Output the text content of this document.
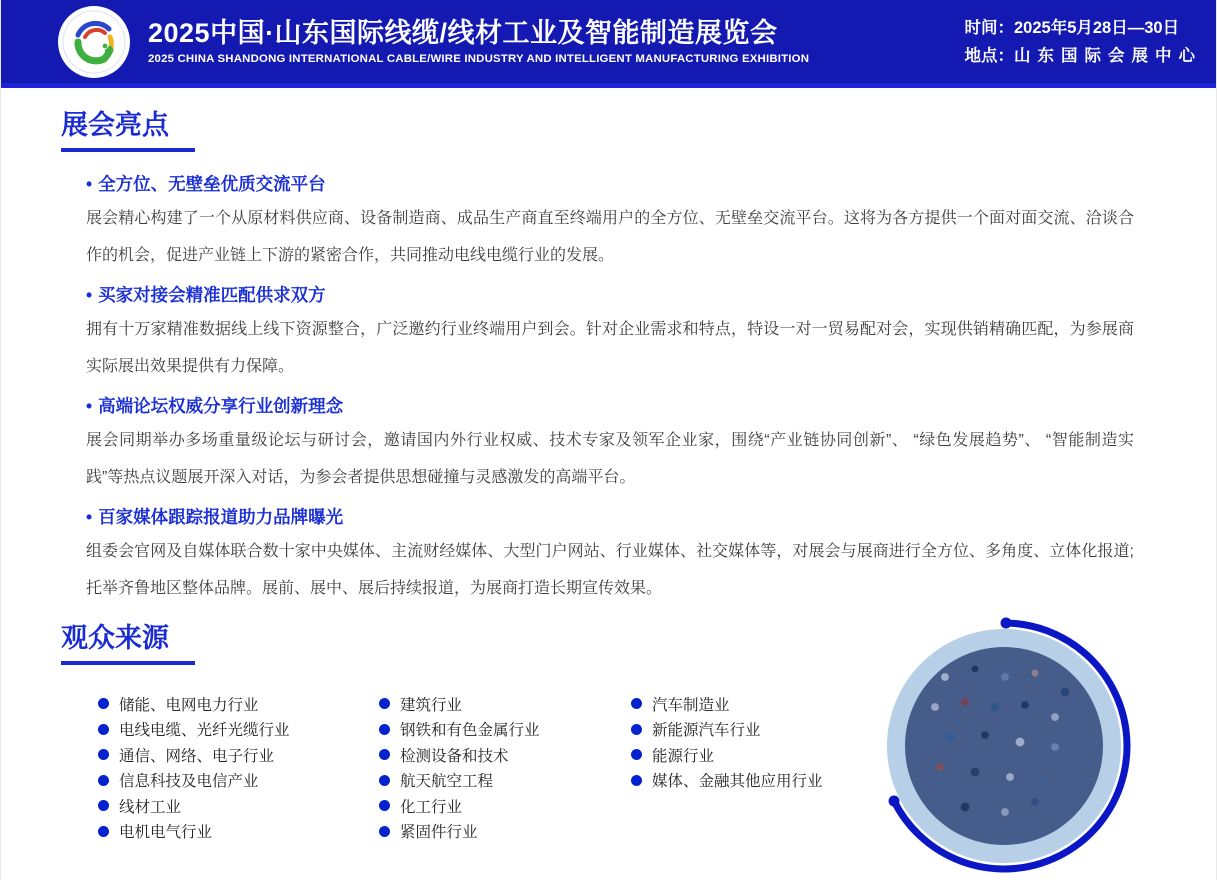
2025中国·山东国际线缆/线材工业及智能制造展览会
2025 CHINA SHANDONG INTERNATIONAL CABLE/WIRE INDUSTRY AND INTELLIGENT MANUFACTURING EXHIBITION
时间：2025年5月28日—30日
地点：山东国际会展中心
展会亮点
• 全方位、无壁垒优质交流平台

展会精心构建了一个从原材料供应商、设备制造商、成品生产商直至终端用户的全方位、无壁垒交流平台。这将为各方提供一个面对面交流、洽谈合作的机会，促进产业链上下游的紧密合作，共同推动电线电缆行业的发展。

• 买家对接会精准匹配供求双方

拥有十万家精准数据线上线下资源整合，广泛邀约行业终端用户到会。针对企业需求和特点，特设一对一贸易配对会，实现供销精确匹配，为参展商实际展出效果提供有力保障。

• 高端论坛权威分享行业创新理念

展会同期举办多场重量级论坛与研讨会，邀请国内外行业权威、技术专家及领军企业家，围绕“产业链协同创新”、 “绿色发展趋势”、 “智能制造实践”等热点议题展开深入对话，为参会者提供思想碰撞与灵感激发的高端平台。

• 百家媒体跟踪报道助力品牌曝光

组委会官网及自媒体联合数十家中央媒体、主流财经媒体、大型门户网站、行业媒体、社交媒体等，对展会与展商进行全方位、多角度、立体化报道;托举齐鲁地区整体品牌。展前、展中、展后持续报道，为展商打造长期宣传效果。

观众来源
储能、电网电力行业
电线电缆、光纤光缆行业
通信、网络、电子行业
信息科技及电信产业
线材工业
电机电气行业
建筑行业
钢铁和有色金属行业
检测设备和技术
航天航空工程
化工行业
紧固件行业
汽车制造业
新能源汽车行业
能源行业
媒体、金融其他应用行业
